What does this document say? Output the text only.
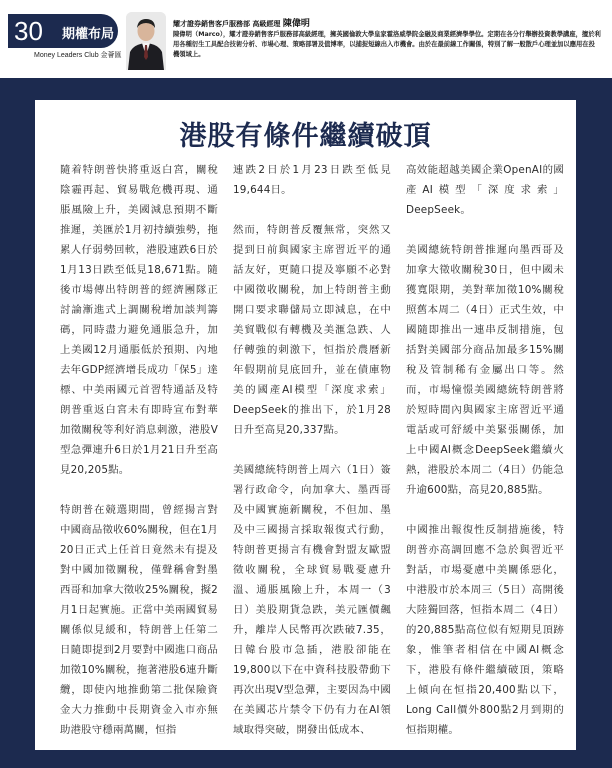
30 期權布局
Money Leaders Club 金薈匯
耀才證券銷售客戶服務部 高級經理 陳偉明
陳偉明（Marco），耀才證券銷售客戶服務部高級經理，擁英國倫敦大學皇家霍洛威學院金融及商業經濟學學位。定期在各分行舉辦投資教學講座，擅於利用各種衍生工具配合技術分析、市場心理、策略部署及值博率，以捕捉短線出入市機會。由於在最前線工作關係，特別了解一般散戶心理並加以應用在投機領域上。
港股有條件繼續破頂

隨着特朗普快將重返白宮，關稅陰霾再起、貿易戰危機再現、通脹風險上升，美國減息預期不斷推遲，美匯於1月初持續強勢，拖累人仔弱勢回軟，港股連跌6日於1月13日跌至低見18,671點。隨後市場傳出特朗普的經濟團隊正討論漸進式上調關稅增加談判籌碼，同時盡力避免通脹急升，加上美國12月通脹低於預期、內地去年GDP經濟增長成功「保5」達標、中美兩國元首習特通話及特朗普重返白宮未有即時宣布對華加徵關稅等利好消息刺激，港股V型急彈連升6日於1月21日升至高見20,205點。

特朗普在競選期間，曾經揚言對中國商品徵收60%關稅，但在1月20日正式上任首日竟然未有提及對中國加徵關稅，僅聲稱會對墨西哥和加拿大徵收25%關稅，擬2月1日起實施。正當中美兩國貿易關係似見緩和，特朗普上任第二日隨即提到2月要對中國進口商品加徵10%關稅，拖著港股6連升斷纜，即使內地推動第二批保險資金大力推動中長期資金入市亦無助港股守穩兩萬關，恒指

連跌2日於1月23日跌至低見19,644日。

然而，特朗普反覆無常，突然又提到日前與國家主席習近平的通話友好，更隨口提及寧願不必對中國徵收關稅，加上特朗普主動開口要求聯儲局立即減息，在中美貿戰似有轉機及美滙急跌、人仔轉強的刺激下，恒指於農曆新年假期前見底回升，並在債庫物美的國產AI模型「深度求索」DeepSeek的推出下，於1月28日升至高見20,337點。

美國總統特朗普上周六（1日）簽署行政命令，向加拿大、墨西哥及中國實施新關稅，不但加、墨及中三國揚言採取報復式行動，特朗普更揚言有機會對盟友歐盟徵收關稅，全球貿易戰憂慮升溫、通脹風險上升，本周一（3日）美股期貨急跌，美元匯價飆升，離岸人民幣再次跌破7.35，日韓台股市急插，港股卻能在19,800以下在中資科技股帶動下再次出現V型急彈，主要因為中國在美國芯片禁令下仍有力在AI領域取得突破，開發出低成本、

高效能超越美國企業OpenAI的國產AI模型「深度求索」DeepSeek。

美國總統特朗普推遲向墨西哥及加拿大徵收關稅30日，但中國未獲寬限期，美對華加徵10%關稅照舊本周二（4日）正式生效，中國隨即推出一連串反制措施，包括對美國部分商品加最多15%關稅及管制稀有金屬出口等。然而，市場憧憬美國總統特朗普將於短時間內與國家主席習近平通電話或可舒緩中美緊張關係，加上中國AI概念DeepSeek繼續火熱，港股於本周二（4日）仍能急升逾600點，高見20,885點。

中國推出報復性反制措施後，特朗普亦高調回應不急於與習近平對話，市場憂慮中美關係惡化，中港股市於本周三（5日）高開後大陸獨回落，恒指本周二（4日）的20,885點高位似有短期見頂跡象，惟筆者相信在中國AI概念下，港股有條件繼續破頂，策略上傾向在恒指20,400點以下，Long Call價外800點2月到期的恒指期權。
